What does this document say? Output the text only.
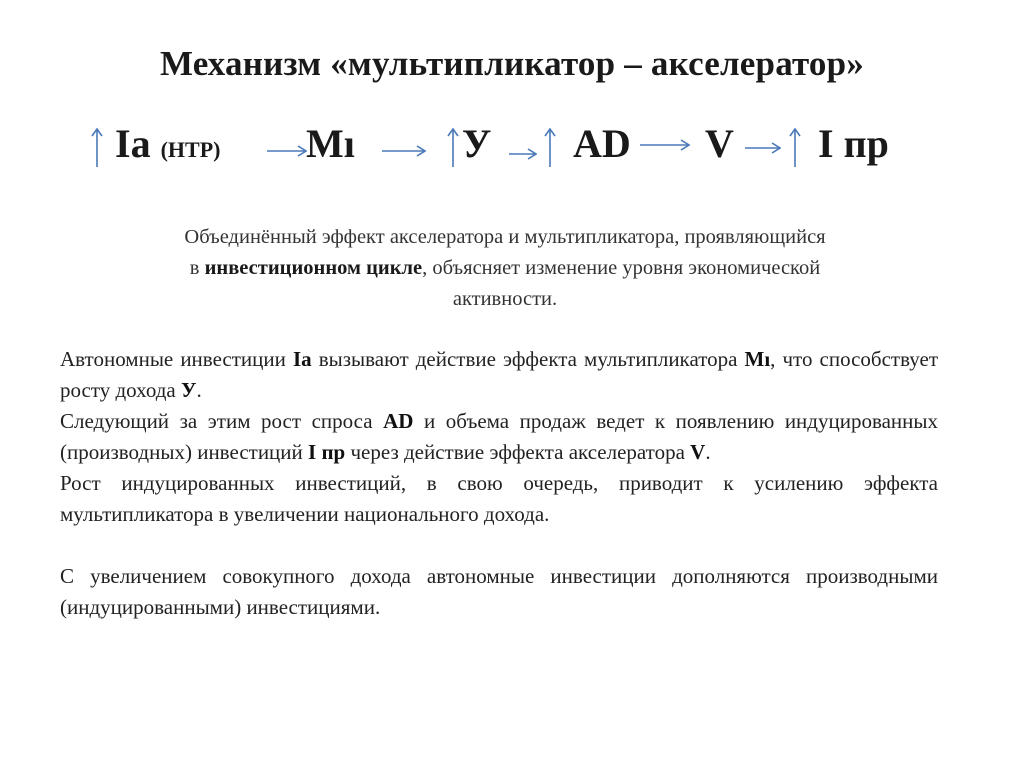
Механизм «мультипликатор – акселератор»
Ia (НТР) Mı	У AD V I пр
Объединённый эффект акселератора и мультипликатора, проявляющийся
в инвестиционном цикле, объясняет изменение уровня экономической
активности.

Автономные инвестиции Ia вызывают действие эффекта мультипликатора Mı, что способствует росту дохода У.

Следующий за этим рост спроса AD и объема продаж ведет к появлению индуцированных (производных) инвестиций I пр через действие эффекта акселератора V.

Рост индуцированных инвестиций, в свою очередь, приводит к усилению эффекта мультипликатора в увеличении национального дохода.

С увеличением совокупного дохода автономные инвестиции дополняются производными (индуцированными) инвестициями.
